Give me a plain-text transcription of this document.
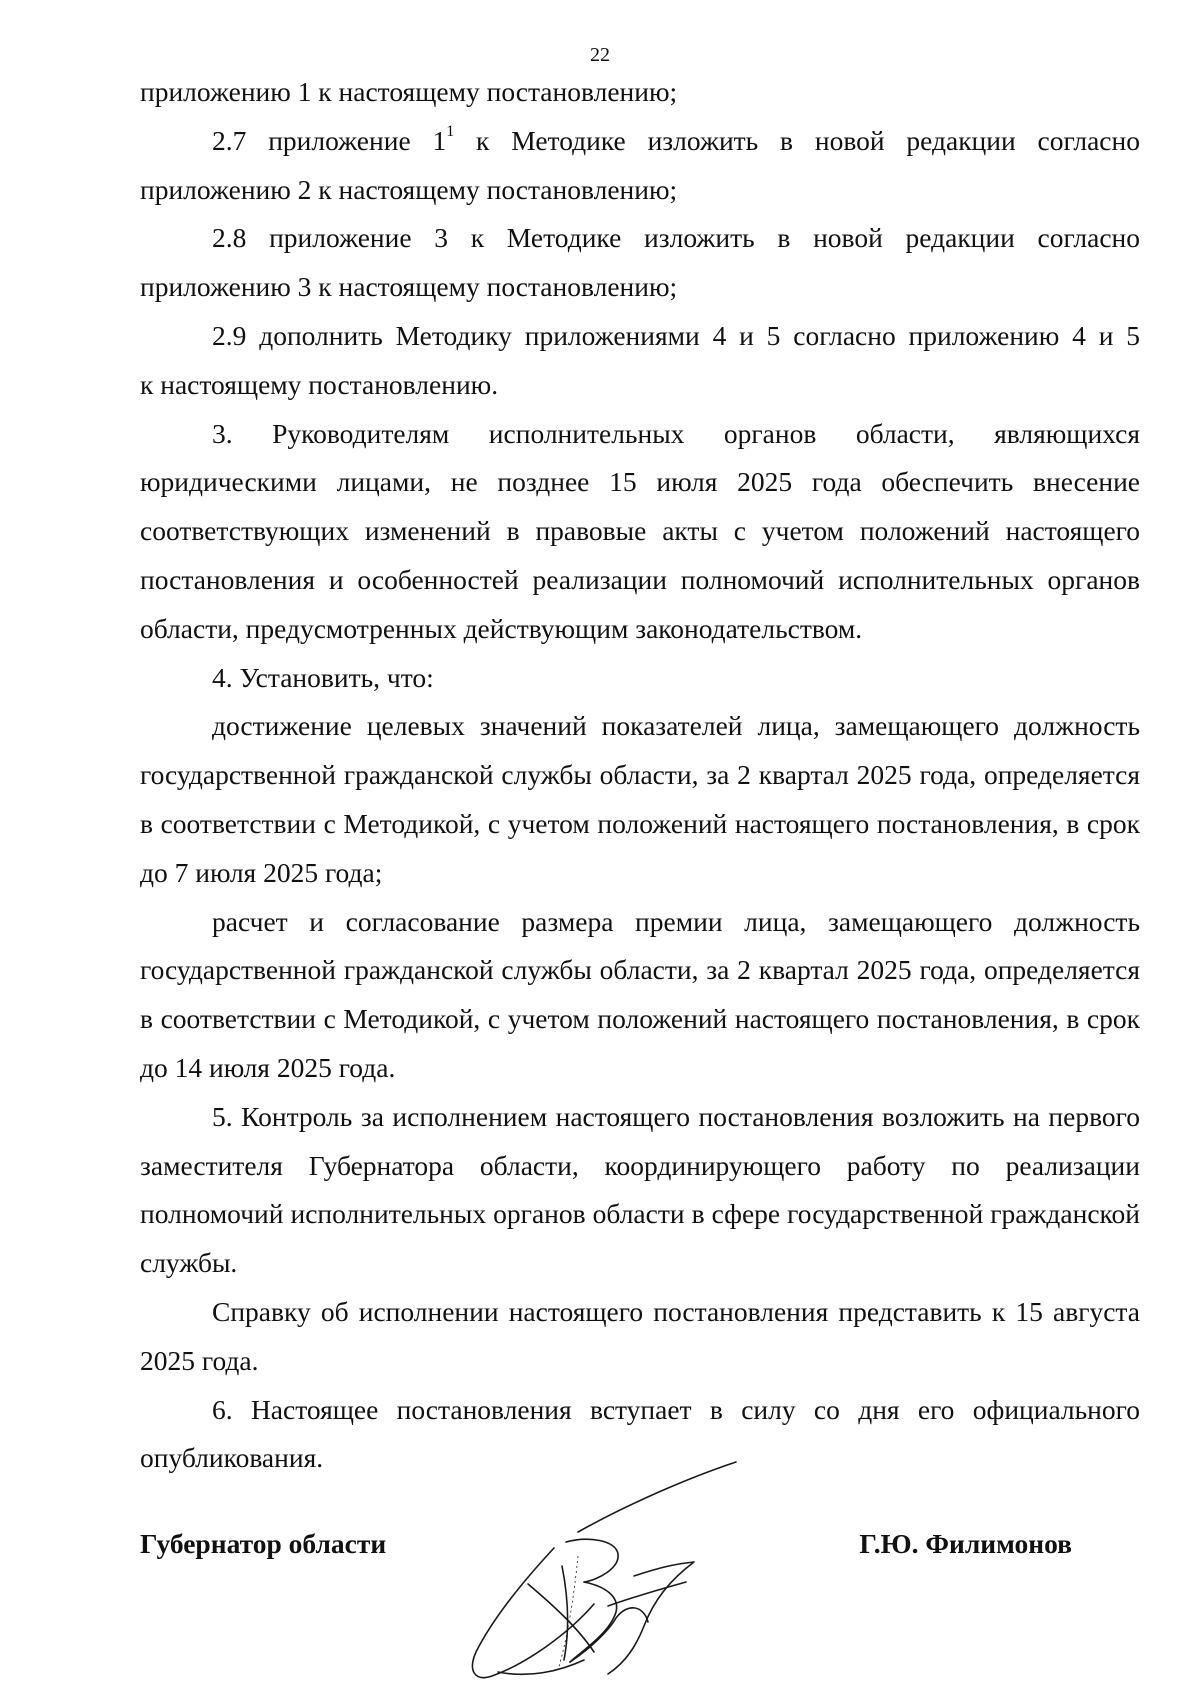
22

приложению 1 к настоящему постановлению;

2.7 приложение $1^1$ к Методике изложить в новой редакции согласно

приложению 2 к настоящему постановлению;

2.8 приложение 3 к Методике изложить в новой редакции согласно

приложению 3 к настоящему постановлению;

2.9 дополнить Методику приложениями 4 и 5 согласно приложению 4 и 5

к настоящему постановлению.

3. Руководителям исполнительных органов области, являющихся юридическими лицами, не позднее 15 июля 2025 года обеспечить внесение соответствующих изменений в правовые акты с учетом положений настоящего постановления и особенностей реализации полномочий исполнительных органов области, предусмотренных действующим законодательством.

4. Установить, что:

достижение целевых значений показателей лица, замещающего должность государственной гражданской службы области, за 2 квартал 2025 года, определяется в соответствии с Методикой, с учетом положений настоящего постановления, в срок до 7 июля 2025 года;

расчет и согласование размера премии лица, замещающего должность государственной гражданской службы области, за 2 квартал 2025 года, определяется в соответствии с Методикой, с учетом положений настоящего постановления, в срок до 14 июля 2025 года.

5. Контроль за исполнением настоящего постановления возложить на первого заместителя Губернатора области, координирующего работу по реализации полномочий исполнительных органов области в сфере государственной гражданской службы.

Справку об исполнении настоящего постановления представить к 15 августа 2025 года.

6. Настоящее постановления вступает в силу со дня его официального опубликования.

Губернатор области	Г.Ю. Филимонов
